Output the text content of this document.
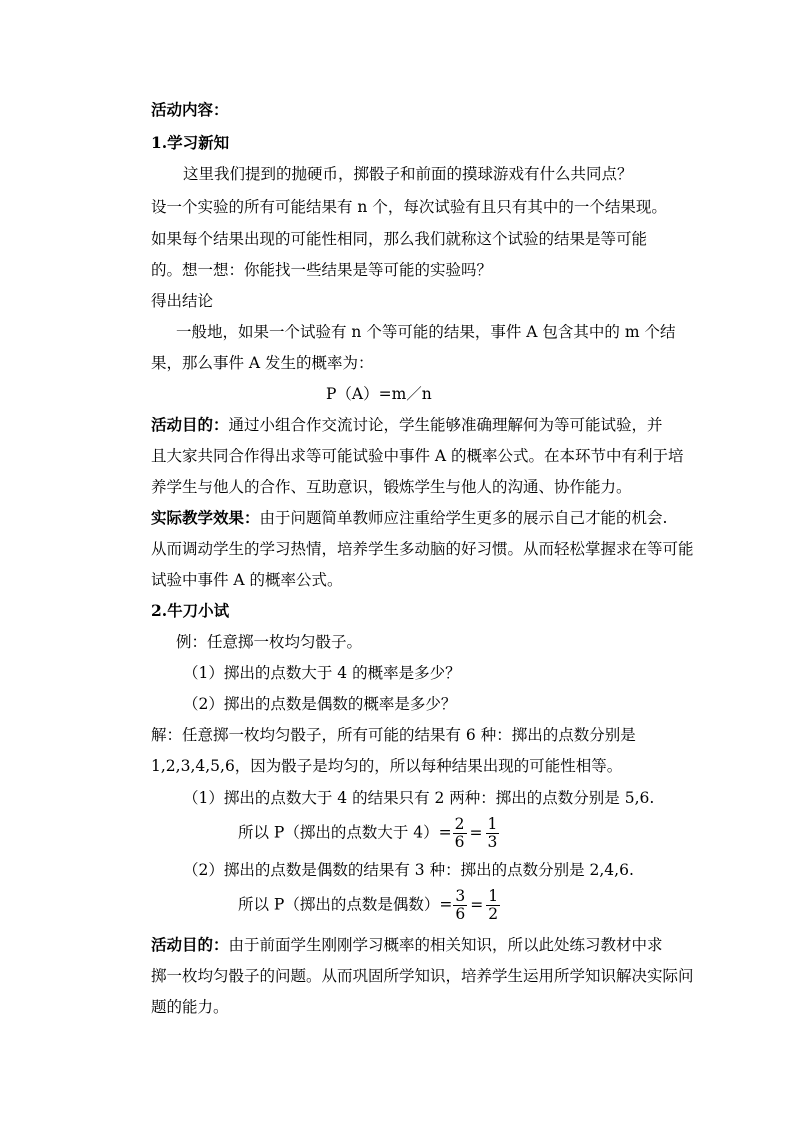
活动内容：
1.学习新知
这里我们提到的抛硬币，掷骰子和前面的摸球游戏有什么共同点？
设一个实验的所有可能结果有 n 个，每次试验有且只有其中的一个结果现。
如果每个结果出现的可能性相同，那么我们就称这个试验的结果是等可能
的。想一想：你能找一些结果是等可能的实验吗？
得出结论
一般地，如果一个试验有 n 个等可能的结果，事件 A 包含其中的 m 个结
果，那么事件 A 发生的概率为：
P（A）=m／n
活动目的：通过小组合作交流讨论，学生能够准确理解何为等可能试验，并
且大家共同合作得出求等可能试验中事件 A 的概率公式。在本环节中有利于培
养学生与他人的合作、互助意识，锻炼学生与他人的沟通、协作能力。
实际教学效果：由于问题简单教师应注重给学生更多的展示自己才能的机会.
从而调动学生的学习热情，培养学生多动脑的好习惯。从而轻松掌握求在等可能
试验中事件 A 的概率公式。
2.牛刀小试
例：任意掷一枚均匀骰子。
（1）掷出的点数大于 4 的概率是多少？
（2）掷出的点数是偶数的概率是多少？
解：任意掷一枚均匀骰子，所有可能的结果有 6 种：掷出的点数分别是
1,2,3,4,5,6，因为骰子是均匀的，所以每种结果出现的可能性相等。
（1）掷出的点数大于 4 的结果只有 2 两种：掷出的点数分别是 5,6.
所以 P（掷出的点数大于 $4)= \frac{2}{6} = \frac{1}{3}$
（2）掷出的点数是偶数的结果有 3 种：掷出的点数分别是 2,4,6.
所以 P（掷出的点数是偶数）= $\frac{3}{6} = \frac{1}{2}$
活动目的：由于前面学生刚刚学习概率的相关知识，所以此处练习教材中求
掷一枚均匀骰子的问题。从而巩固所学知识，培养学生运用所学知识解决实际问
题的能力。
